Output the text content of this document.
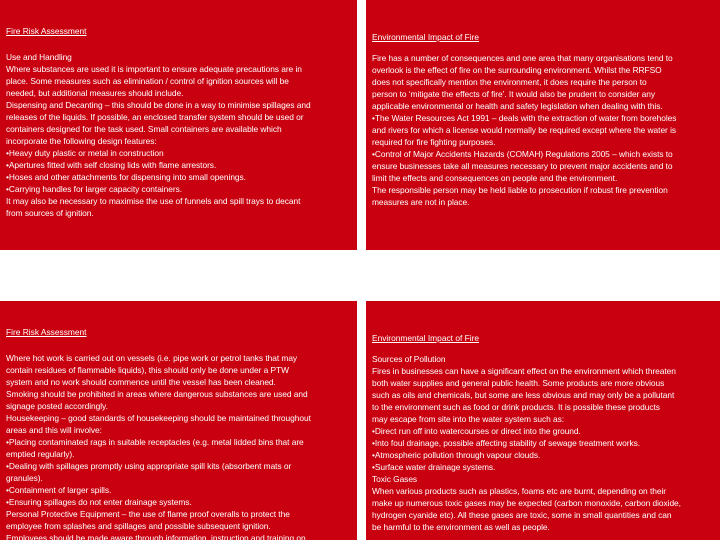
Fire Risk Assessment
Use and Handling
Where substances are used it is important to ensure adequate precautions are in
place. Some measures such as elimination / control of ignition sources will be
needed, but additional measures should include.
Dispensing and Decanting – this should be done in a way to minimise spillages and
releases of the liquids. If possible, an enclosed transfer system should be used or
containers designed for the task used. Small containers are available which
incorporate the following design features:
•Heavy duty plastic or metal in construction
•Apertures fitted with self closing lids with flame arrestors.
•Hoses and other attachments for dispensing into small openings.
•Carrying handles for larger capacity containers.
It may also be necessary to maximise the use of funnels and spill trays to decant
from sources of ignition.
Environmental Impact of Fire
Fire has a number of consequences and one area that many organisations tend to
overlook is the effect of fire on the surrounding environment. Whilst the RRFSO
does not specifically mention the environment, it does require the person to
person to ‘mitigate the effects of fire’. It would also be prudent to consider any
applicable environmental or health and safety legislation when dealing with this.
•The Water Resources Act 1991 – deals with the extraction of water from boreholes
and rivers for which a license would normally be required except where the water is
required for fire fighting purposes.
•Control of Major Accidents Hazards (COMAH) Regulations 2005 – which exists to
ensure businesses take all measures necessary to prevent major accidents and to
limit the effects and consequences on people and the environment.
The responsible person may be held liable to prosecution if robust fire prevention
measures are not in place.
Fire Risk Assessment
Where hot work is carried out on vessels (i.e. pipe work or petrol tanks that may
contain residues of flammable liquids), this should only be done under a PTW
system and no work should commence until the vessel has been cleaned.
Smoking should be prohibited in areas where dangerous substances are used and
signage posted accordingly.
Housekeeping – good standards of housekeeping should be maintained throughout
areas and this will involve:
•Placing contaminated rags in suitable receptacles (e.g. metal lidded bins that are
emptied regularly).
•Dealing with spillages promptly using appropriate spill kits (absorbent mats or
granules).
•Containment of larger spills.
•Ensuring spillages do not enter drainage systems.
Personal Protective Equipment – the use of flame proof overalls to protect the
employee from splashes and spillages and possible subsequent ignition.
Employees should be made aware through information, instruction and training on
what to do in regards to spillages.
Environmental Impact of Fire
Sources of Pollution
Fires in businesses can have a significant effect on the environment which threaten
both water supplies and general public health. Some products are more obvious
such as oils and chemicals, but some are less obvious and may only be a pollutant
to the environment such as food or drink products. It is possible these products
may escape from site into the water system such as:
•Direct run off into watercourses or direct into the ground.
•Into foul drainage, possible affecting stability of sewage treatment works.
•Atmospheric pollution through vapour clouds.
•Surface water drainage systems.
Toxic Gases
When various products such as plastics, foams etc are burnt, depending on their
make up numerous toxic gases may be expected (carbon monoxide, carbon dioxide,
hydrogen cyanide etc). All these gases are toxic, some in small quantities and can
be harmful to the environment as well as people.
